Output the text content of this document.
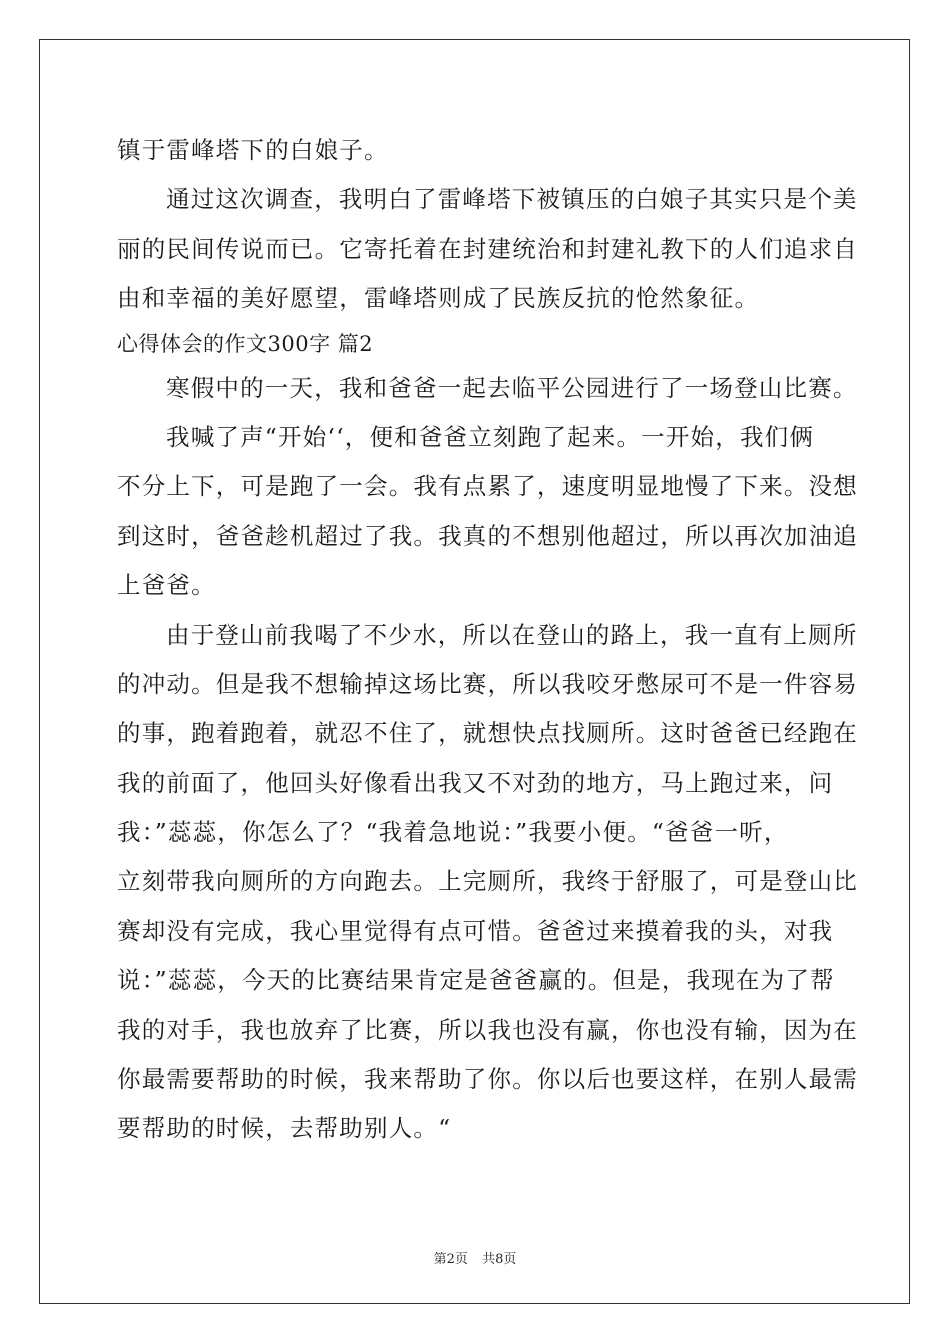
镇于雷峰塔下的白娘子。
通过这次调查，我明白了雷峰塔下被镇压的白娘子其实只是个美
丽的民间传说而已。它寄托着在封建统治和封建礼教下的人们追求自
由和幸福的美好愿望，雷峰塔则成了民族反抗的怆然象征。
心得体会的作文300字 篇2
寒假中的一天，我和爸爸一起去临平公园进行了一场登山比赛。
我喊了声“开始‘‘，便和爸爸立刻跑了起来。一开始，我们俩
不分上下，可是跑了一会。我有点累了，速度明显地慢了下来。没想
到这时，爸爸趁机超过了我。我真的不想别他超过，所以再次加油追
上爸爸。
由于登山前我喝了不少水，所以在登山的路上，我一直有上厕所
的冲动。但是我不想输掉这场比赛，所以我咬牙憋尿可不是一件容易
的事，跑着跑着，就忍不住了，就想快点找厕所。这时爸爸已经跑在
我的前面了，他回头好像看出我又不对劲的地方，马上跑过来，问
我：”蕊蕊，你怎么了？“我着急地说：”我要小便。“爸爸一听，
立刻带我向厕所的方向跑去。上完厕所，我终于舒服了，可是登山比
赛却没有完成，我心里觉得有点可惜。爸爸过来摸着我的头，对我
说：”蕊蕊，今天的比赛结果肯定是爸爸赢的。但是，我现在为了帮
我的对手，我也放弃了比赛，所以我也没有赢，你也没有输，因为在
你最需要帮助的时候，我来帮助了你。你以后也要这样，在别人最需
要帮助的时候，去帮助别人。“
第2页 共8页
